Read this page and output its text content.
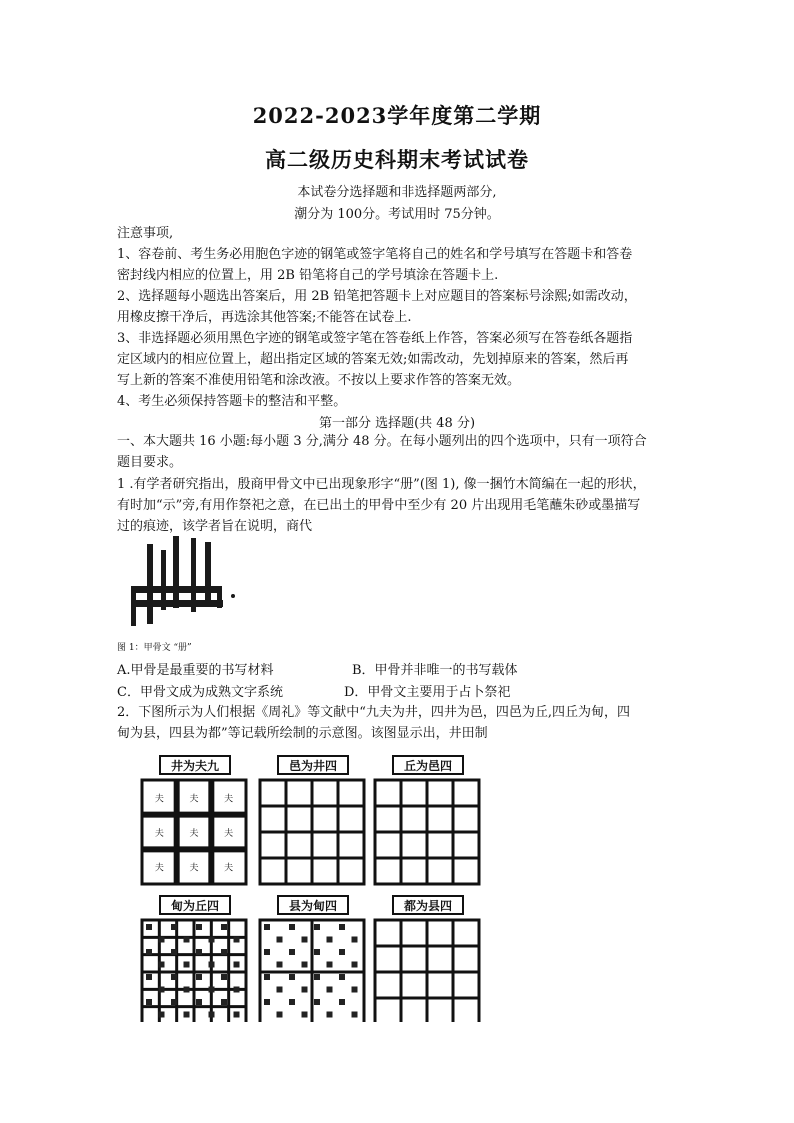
2022-2023学年度第二学期
高二级历史科期末考试试卷
本试卷分选择题和非选择题两部分,
潮分为 100分。考试用时 75分钟。
注意事项,
1、容卷前、考生务必用胞色字迹的钢笔或签字笔将自己的姓名和学号填写在答题卡和答卷
密封线内相应的位置上，用 2B 铅笔将自己的学号填涂在答题卡上.
2、选择题每小题选出答案后，用 2B 铅笔把答题卡上对应题目的答案标号涂熙;如需改动，
用橡皮擦干净后，再选涂其他答案;不能答在试卷上.
3、非选择题必须用黑色字迹的钢笔或签字笔在答卷纸上作答，答案必须写在答卷纸各题指
定区域内的相应位置上，超出指定区域的答案无效;如需改动，先划掉原来的答案，然后再
写上新的答案不准使用铅笔和涂改液。不按以上要求作答的答案无效。
4、考生必须保持答题卡的整洁和平整。
第一部分 选择题(共 48 分)
一、本大题共 16 小题:每小题 3 分,满分 48 分。在每小题列出的四个选项中，只有一项符合
题目要求。
1 .有学者研究指出，殷商甲骨文中已出现象形字“册”(图 1), 像一捆竹木简编在一起的形状，
有时加“示”旁,有用作祭祀之意，在已出土的甲骨中至少有 20 片出现用毛笔蘸朱砂或墨描写
过的痕迹，该学者旨在说明，商代
图 1：甲骨文 “册”
A.甲骨是最重要的书写材料	B．甲骨并非唯一的书写载体
C．甲骨文成为成熟文字系统	D．甲骨文主要用于占卜祭祀
2．下图所示为人们根据《周礼》等文献中“九夫为井，四井为邑，四邑为丘,四丘为甸，四
甸为县，四县为都”等记载所绘制的示意图。该图显示出，井田制
井为夫九
夫	夫	夫
夫	夫	夫
夫	夫	夫
邑为井四	丘为邑四
甸为丘四	县为甸四	都为县四
